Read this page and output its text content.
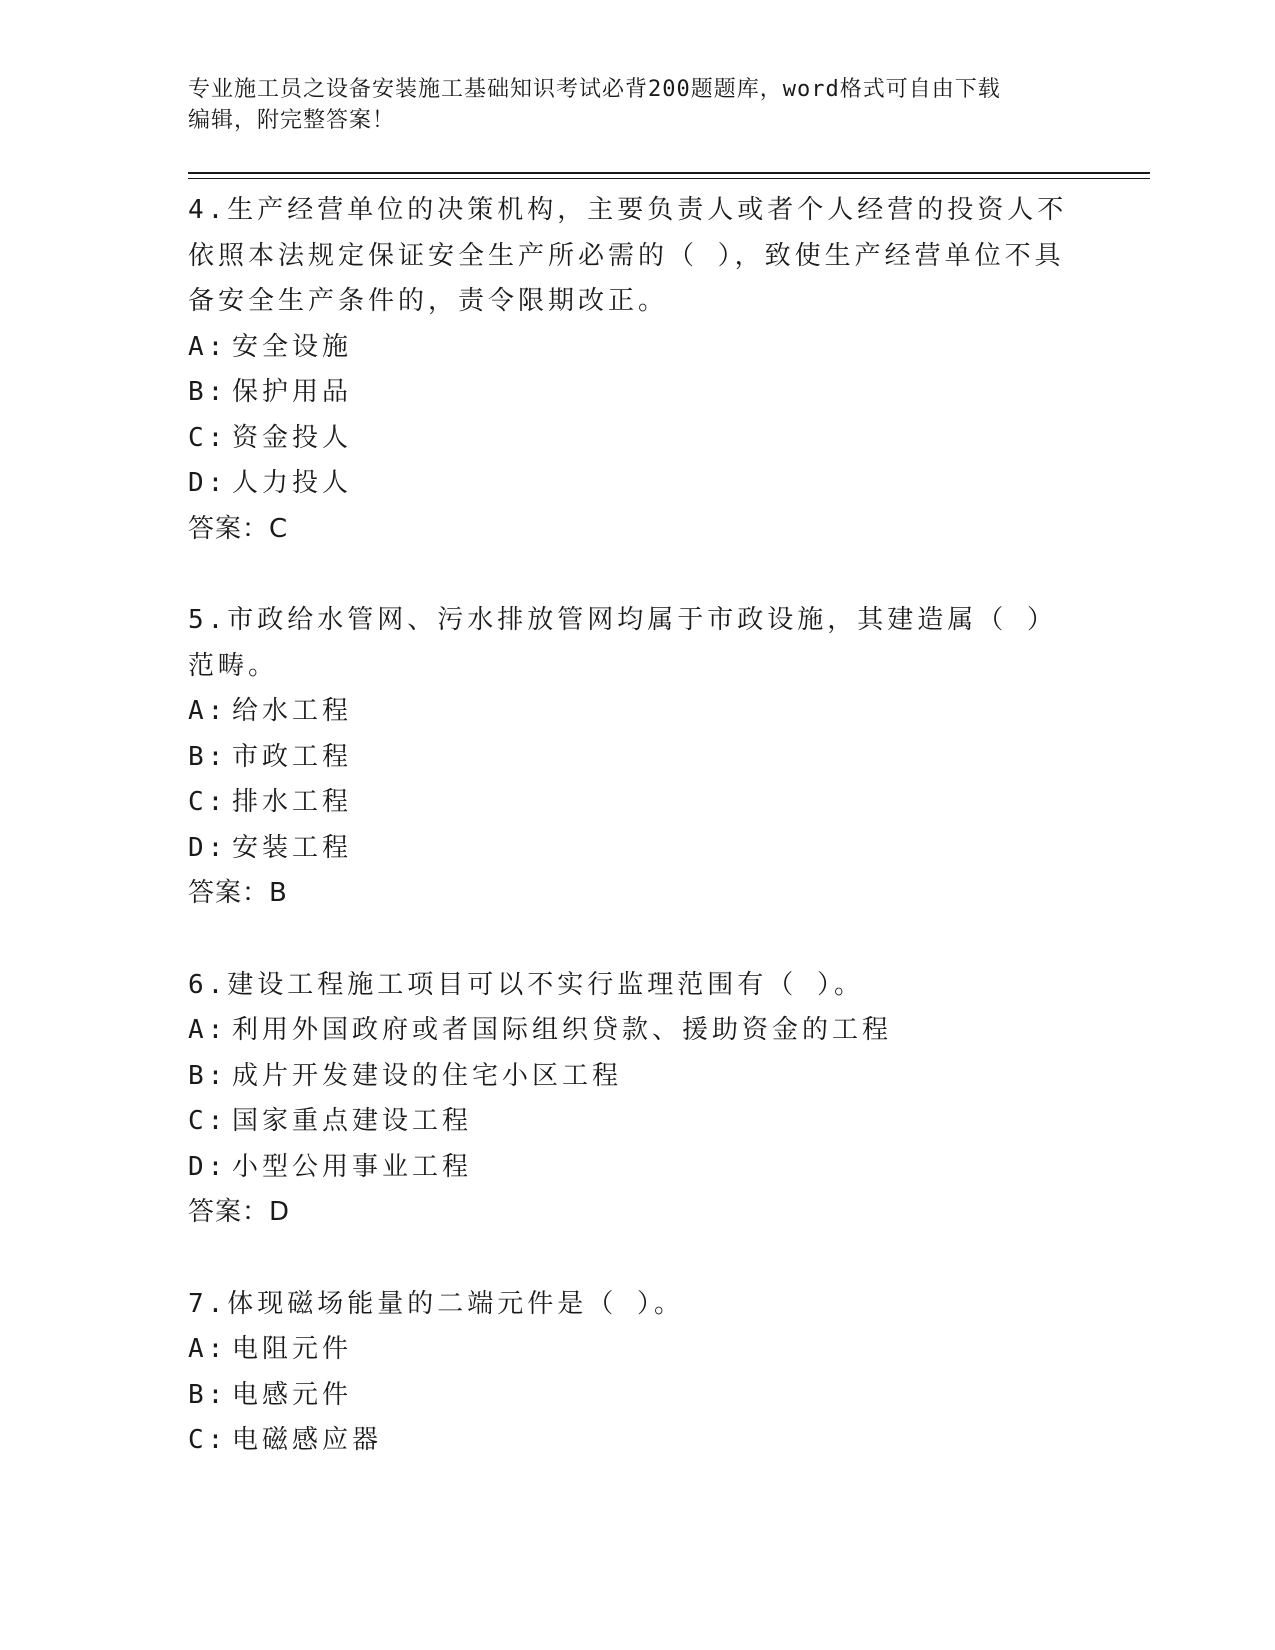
专业施工员之设备安装施工基础知识考试必背200题题库，word格式可自由下载
编辑，附完整答案！

4.生产经营单位的决策机构，主要负责人或者个人经营的投资人不依照本法规定保证安全生产所必需的（ ），致使生产经营单位不具备安全生产条件的，责令限期改正。

A: 安全设施
B: 保护用品
C: 资金投人
D: 人力投人

答案：C

5.市政给水管网、污水排放管网均属于市政设施，其建造属（ ）范畴。

A: 给水工程
B: 市政工程
C: 排水工程
D: 安装工程

答案：B

6.建设工程施工项目可以不实行监理范围有（ ）。

A: 利用外国政府或者国际组织贷款、援助资金的工程
B: 成片开发建设的住宅小区工程
C: 国家重点建设工程
D: 小型公用事业工程

答案：D

7.体现磁场能量的二端元件是（ ）。

A: 电阻元件
B: 电感元件
C: 电磁感应器
